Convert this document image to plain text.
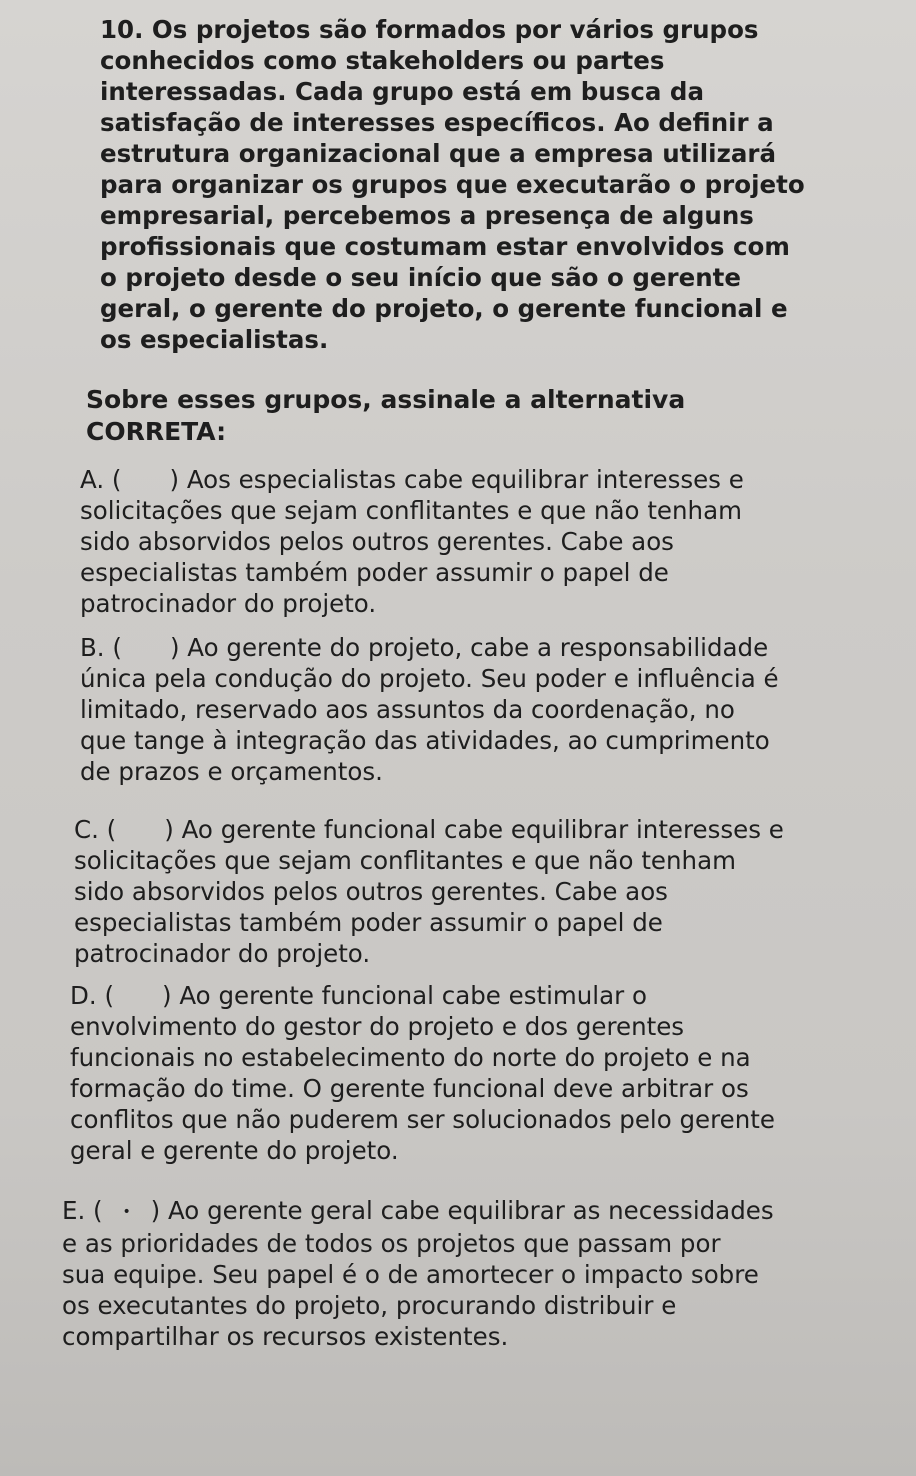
10. Os projetos são formados por vários grupos
conhecidos como stakeholders ou partes
interessadas. Cada grupo está em busca da
satisfação de interesses específicos. Ao definir a
estrutura organizacional que a empresa utilizará
para organizar os grupos que executarão o projeto
empresarial, percebemos a presença de alguns
profissionais que costumam estar envolvidos com
o projeto desde o seu início que são o gerente
geral, o gerente do projeto, o gerente funcional e
os especialistas.

Sobre esses grupos, assinale a alternativa
CORRETA:

A. ( ) Aos especialistas cabe equilibrar interesses e
solicitações que sejam conflitantes e que não tenham
sido absorvidos pelos outros gerentes. Cabe aos
especialistas também poder assumir o papel de
patrocinador do projeto.

B. ( ) Ao gerente do projeto, cabe a responsabilidade
única pela condução do projeto. Seu poder e influência é
limitado, reservado aos assuntos da coordenação, no
que tange à integração das atividades, ao cumprimento
de prazos e orçamentos.

C. ( ) Ao gerente funcional cabe equilibrar interesses e
solicitações que sejam conflitantes e que não tenham
sido absorvidos pelos outros gerentes. Cabe aos
especialistas também poder assumir o papel de
patrocinador do projeto.

D. ( ) Ao gerente funcional cabe estimular o
envolvimento do gestor do projeto e dos gerentes
funcionais no estabelecimento do norte do projeto e na
formação do time. O gerente funcional deve arbitrar os
conflitos que não puderem ser solucionados pelo gerente
geral e gerente do projeto.

E. ( • ) Ao gerente geral cabe equilibrar as necessidades
e as prioridades de todos os projetos que passam por
sua equipe. Seu papel é o de amortecer o impacto sobre
os executantes do projeto, procurando distribuir e
compartilhar os recursos existentes.
